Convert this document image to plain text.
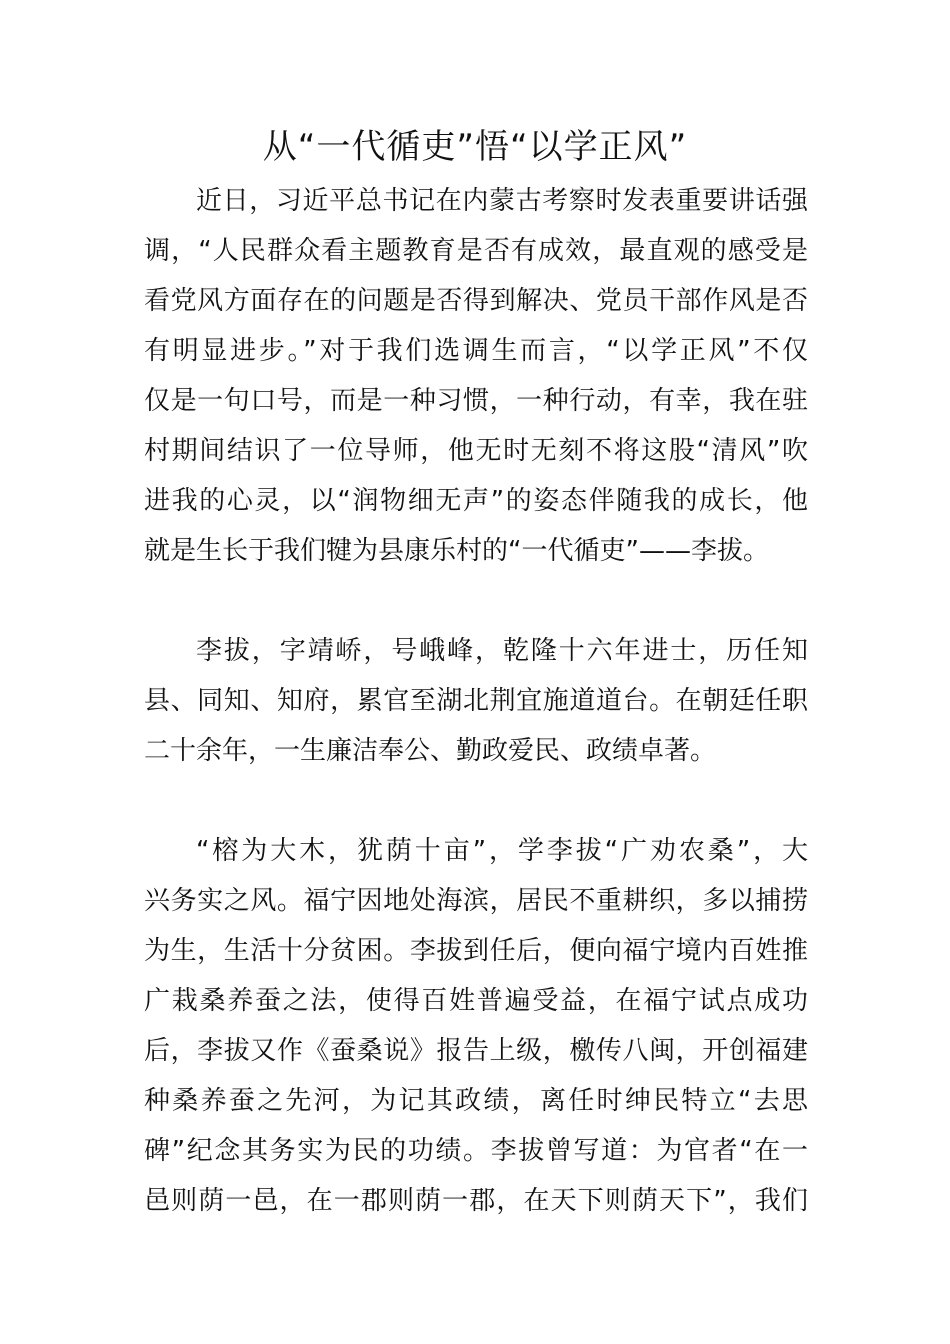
从“一代循吏”悟“以学正风”

近日，习近平总书记在内蒙古考察时发表重要讲话强
调，“人民群众看主题教育是否有成效，最直观的感受是
看党风方面存在的问题是否得到解决、党员干部作风是否
有明显进步。”对于我们选调生而言，“以学正风”不仅
仅是一句口号，而是一种习惯，一种行动，有幸，我在驻
村期间结识了一位导师，他无时无刻不将这股“清风”吹
进我的心灵，以“润物细无声”的姿态伴随我的成长，他
就是生长于我们犍为县康乐村的“一代循吏”——李拔。

李拔，字靖峤，号峨峰，乾隆十六年进士，历任知
县、同知、知府，累官至湖北荆宜施道道台。在朝廷任职
二十余年，一生廉洁奉公、勤政爱民、政绩卓著。

“榕为大木，犹荫十亩”，学李拔“广劝农桑”，大
兴务实之风。福宁因地处海滨，居民不重耕织，多以捕捞
为生，生活十分贫困。李拔到任后，便向福宁境内百姓推
广栽桑养蚕之法，使得百姓普遍受益，在福宁试点成功
后，李拔又作《蚕桑说》报告上级，檄传八闽，开创福建
种桑养蚕之先河，为记其政绩，离任时绅民特立“去思
碑”纪念其务实为民的功绩。李拔曾写道：为官者“在一
邑则荫一邑，在一郡则荫一郡，在天下则荫天下”，我们
